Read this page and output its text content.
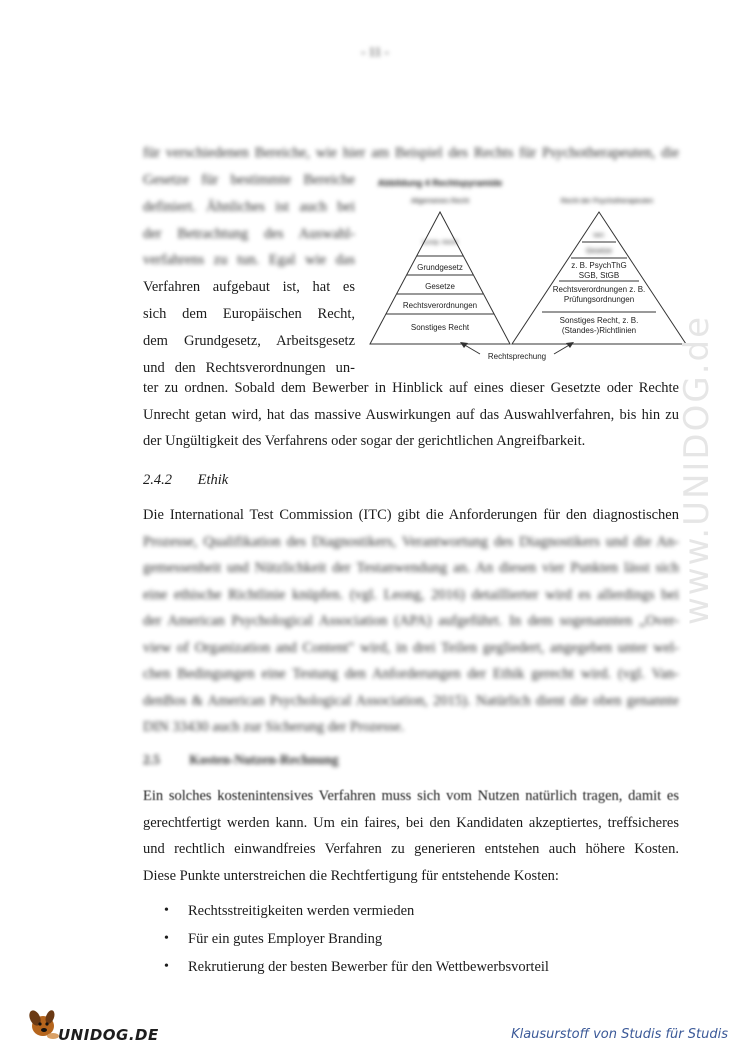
- 11 -
für verschiedenen Bereiche, wie hier am Beispiel des Rechts für Psychotherapeuten, die
Gesetze für bestimmte Bereiche
definiert. Ähnliches ist auch bei
der Betrachtung des Auswahl-
verfahrens zu tun. Egal wie das
Verfahren aufgebaut ist, hat es
sich dem Europäischen Recht,
dem Grundgesetz, Arbeitsgesetz
und den Rechtsverordnungen un-
Abbildung 4 Rechtspyramide
Allgemeines Recht	Recht der Psychotherapeuten
Europ. Recht
Grundgesetz
Gesetze
Rechtsverordnungen
Sonstiges Recht
Verf.
Gesetze
z. B. PsychThG SGB, StGB
Rechtsverordnungen z. B. Prüfungsordnungen
Sonstiges Recht, z. B. (Standes-)Richtlinien
Rechtsprechung
ter zu ordnen. Sobald dem Bewerber in Hinblick auf eines dieser Gesetzte oder Rechte
Unrecht getan wird, hat das massive Auswirkungen auf das Auswahlverfahren, bis hin zu
der Ungültigkeit des Verfahrens oder sogar der gerichtlichen Angreifbarkeit.
2.4.2 Ethik
Die International Test Commission (ITC) gibt die Anforderungen für den diagnostischen
Prozesse, Qualifikation des Diagnostikers, Verantwortung des Diagnostikers und die An-
gemessenheit und Nützlichkeit der Testanwendung an. An diesen vier Punkten lässt sich
eine ethische Richtlinie knüpfen. (vgl. Leong, 2016) detaillierter wird es allerdings bei
der American Psychological Association (APA) aufgeführt. In dem sogenannten „Over-
view of Organization and Content" wird, in drei Teilen gegliedert, angegeben unter wel-
chen Bedingungen eine Testung den Anforderungen der Ethik gerecht wird. (vgl. Van-
denBos & American Psychological Association, 2015). Natürlich dient die oben genannte
DIN 33430 auch zur Sicherung der Prozesse.
2.5 Kosten-Nutzen-Rechnung
Ein solches kostenintensives Verfahren muss sich vom Nutzen natürlich tragen, damit es
gerechtfertigt werden kann. Um ein faires, bei den Kandidaten akzeptiertes, treffsicheres
und rechtlich einwandfreies Verfahren zu generieren entstehen auch höhere Kosten.
Diese Punkte unterstreichen die Rechtfertigung für entstehende Kosten:
• Rechtsstreitigkeiten werden vermieden
• Für ein gutes Employer Branding
• Rekrutierung der besten Bewerber für den Wettbewerbsvorteil
www.UNIDOG.de
UNIDOG.DE	Klausurstoff von Studis für Studis
